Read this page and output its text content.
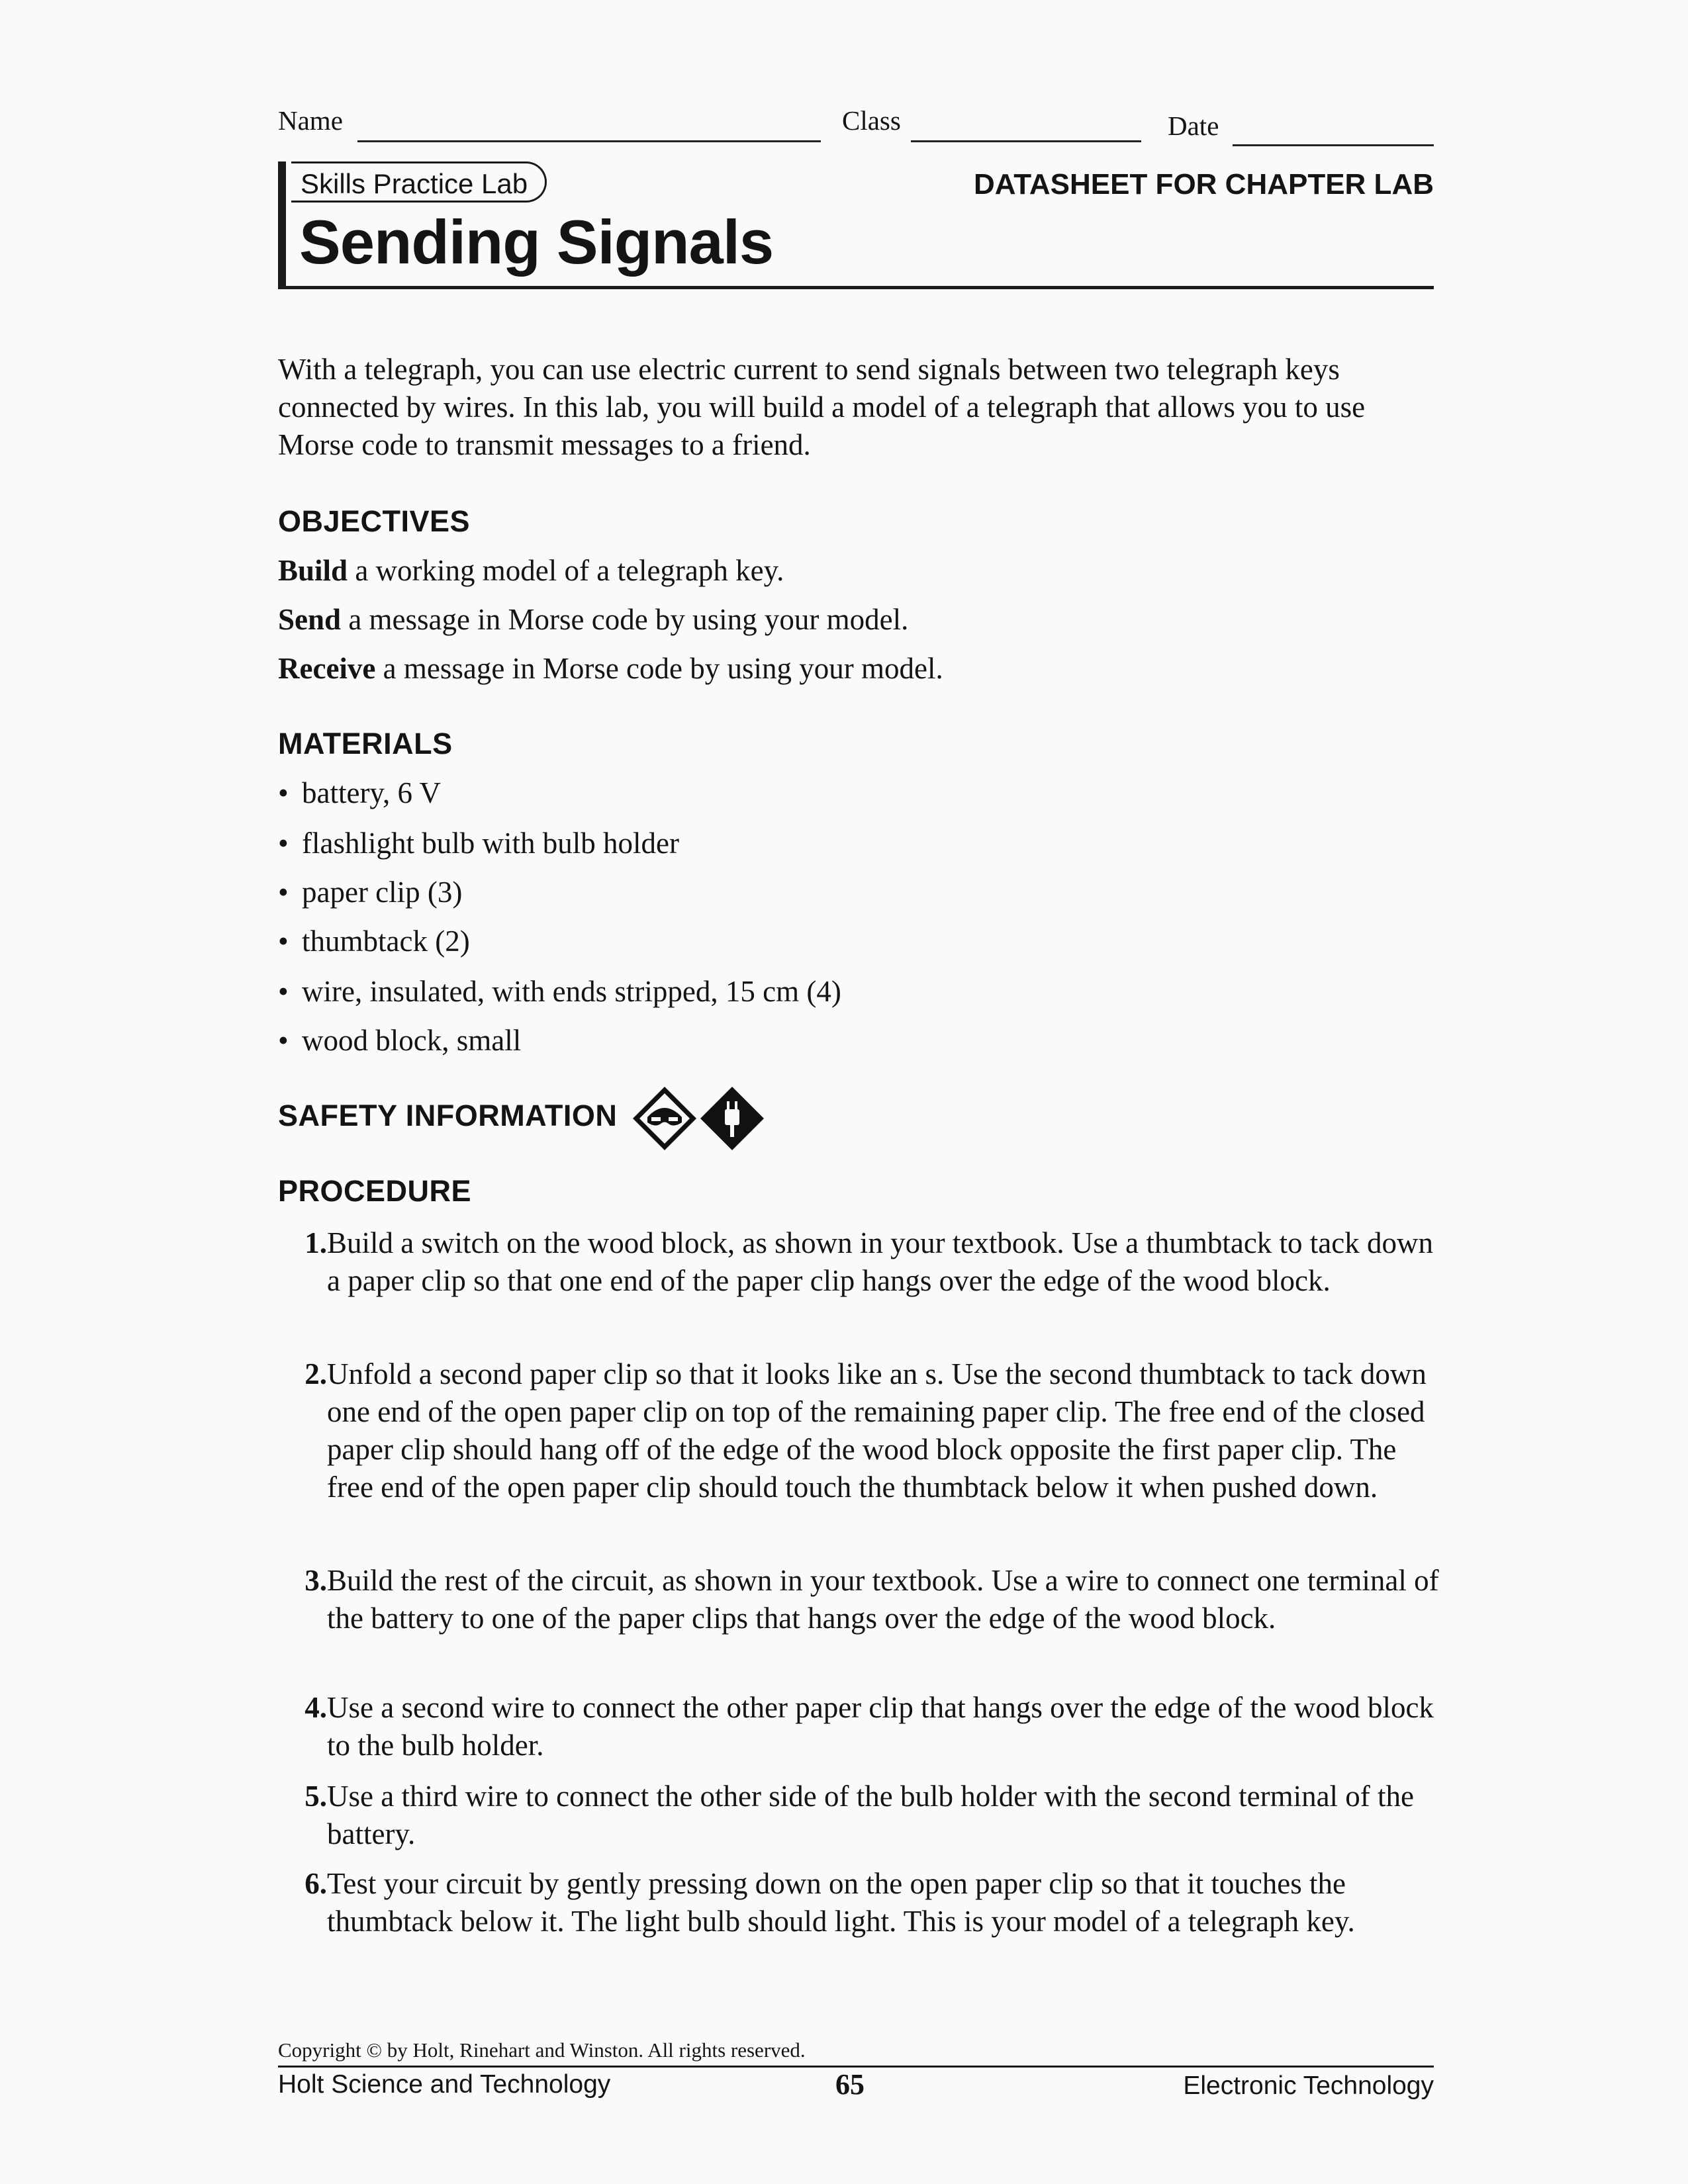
Name	Class	Date
Skills Practice Lab
Sending Signals
DATASHEET FOR CHAPTER LAB
With a telegraph, you can use electric current to send signals between two telegraph keys connected by wires. In this lab, you will build a model of a telegraph that allows you to use Morse code to transmit messages to a friend.
OBJECTIVES
Build a working model of a telegraph key.
Send a message in Morse code by using your model.
Receive a message in Morse code by using your model.
MATERIALS
• battery, 6 V
• flashlight bulb with bulb holder
• paper clip (3)
• thumbtack (2)
• wire, insulated, with ends stripped, 15 cm (4)
• wood block, small
SAFETY INFORMATION
PROCEDURE
1. Build a switch on the wood block, as shown in your textbook. Use a thumbtack to tack down a paper clip so that one end of the paper clip hangs over the edge of the wood block.
2. Unfold a second paper clip so that it looks like an s. Use the second thumbtack to tack down one end of the open paper clip on top of the remaining paper clip. The free end of the closed paper clip should hang off of the edge of the wood block opposite the first paper clip. The free end of the open paper clip should touch the thumbtack below it when pushed down.
3. Build the rest of the circuit, as shown in your textbook. Use a wire to connect one terminal of the battery to one of the paper clips that hangs over the edge of the wood block.
4. Use a second wire to connect the other paper clip that hangs over the edge of the wood block to the bulb holder.
5. Use a third wire to connect the other side of the bulb holder with the second terminal of the battery.
6. Test your circuit by gently pressing down on the open paper clip so that it touches the thumbtack below it. The light bulb should light. This is your model of a telegraph key.
Copyright © by Holt, Rinehart and Winston. All rights reserved.
Holt Science and Technology	65	Electronic Technology
